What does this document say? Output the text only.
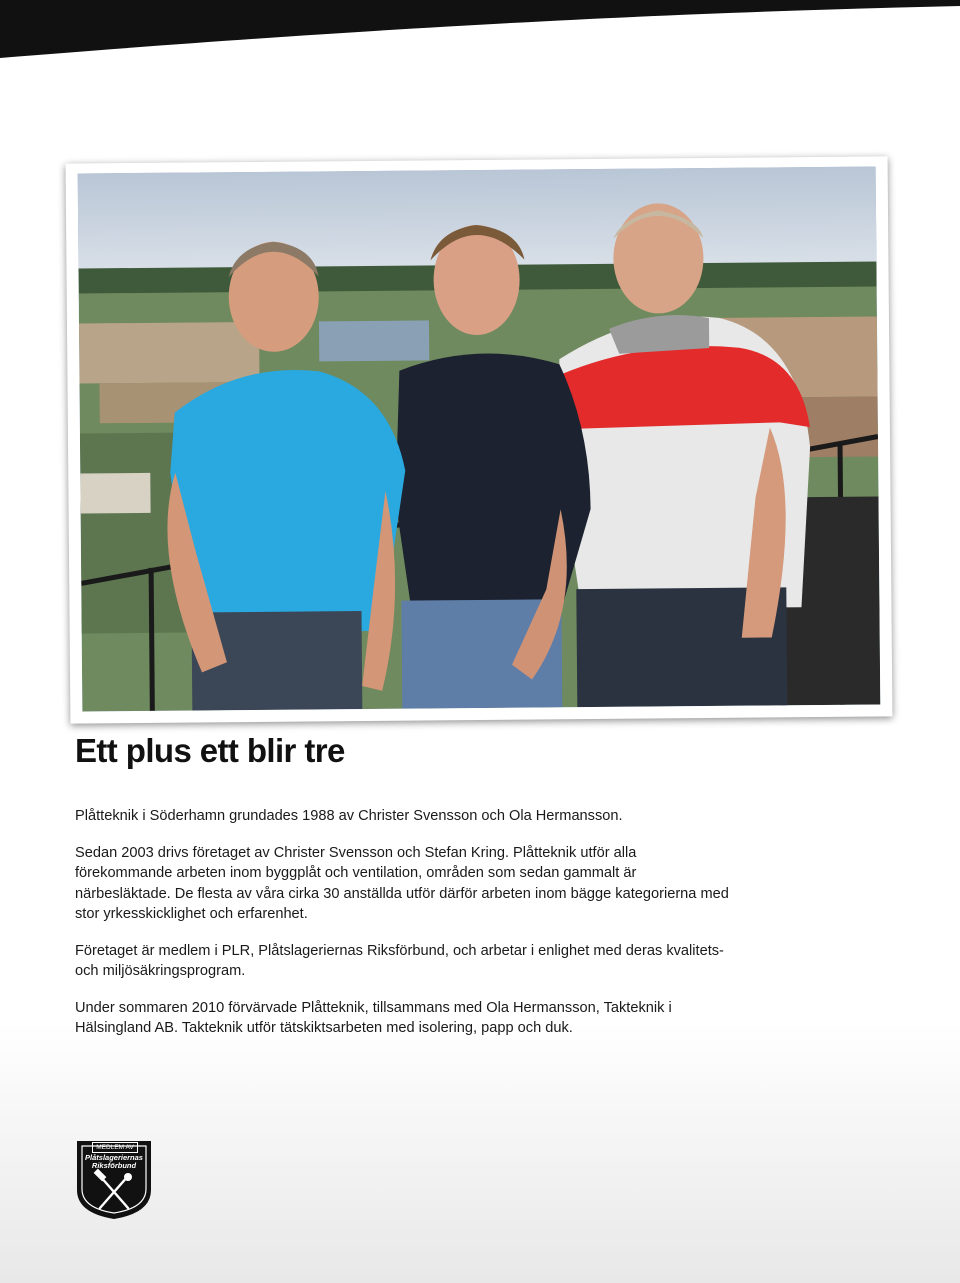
Ett plus ett blir tre

Plåtteknik i Söderhamn grundades 1988 av Christer Svensson och Ola Hermansson.

Sedan 2003 drivs företaget av Christer Svensson och Stefan Kring. Plåtteknik utför alla förekommande arbeten inom byggplåt och ventilation, områden som sedan gammalt är närbesläktade. De flesta av våra cirka 30 anställda utför därför arbeten inom bägge kategorierna med stor yrkesskicklighet och erfarenhet.

Företaget är medlem i PLR, Plåtslageriernas Riksförbund, och arbetar i enlighet med deras kvalitets- och miljösäkringsprogram.

Under sommaren 2010 förvärvade Plåtteknik, tillsammans med Ola Hermansson, Takteknik i Hälsingland AB. Takteknik utför tätskiktsarbeten med isolering, papp och duk.

MEDLEM AV
Plåtslageriernas
Riksförbund
